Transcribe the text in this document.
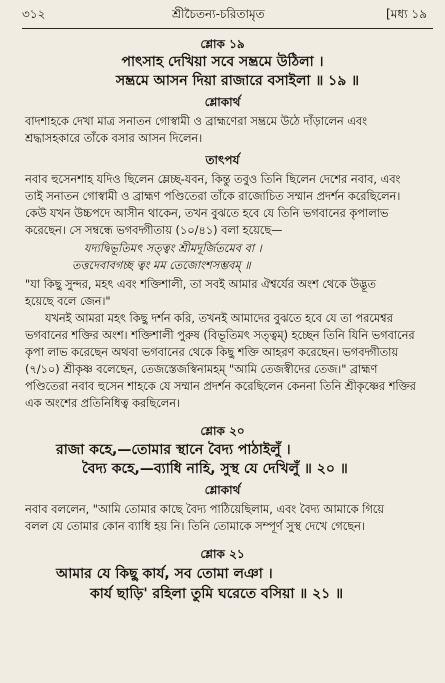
৩১২	শ্রীচৈতন্য-চরিতামৃত	[মধ্য ১৯
শ্লোক ১৯
পাৎসাহ দেখিয়া সবে সম্ভ্রমে উঠিলা ।
সম্ভ্রমে আসন দিয়া রাজারে বসাইলা ॥ ১৯ ॥
শ্লোকার্থ
বাদশাহকে দেখা মাত্র সনাতন গোস্বামী ও ব্রাহ্মণেরা সম্ভ্রমে উঠে দাঁড়ালেন এবং
শ্রদ্ধাসহকারে তাঁকে বসার আসন দিলেন।
তাৎপর্য
নবাব হুসেনশাহ যদিও ছিলেন ম্লেচ্ছ-যবন, কিন্তু তবুও তিনি ছিলেন দেশের নবাব, এবং
তাই সনাতন গোস্বামী ও ব্রাহ্মণ পণ্ডিতেরা তাঁকে রাজোচিত সম্মান প্রদর্শন করেছিলেন।
কেউ যখন উচ্চপদে আসীন থাকেন, তখন বুঝতে হবে যে তিনি ভগবানের কৃপালাভ
করেছেন। সে সম্বন্ধে ভগবদ্গীতায় (১০/৪১) বলা হয়েছে—
যদ্যদ্বিভূতিমৎ সত্ত্বং শ্রীমদূর্জিতমেব বা ।
তত্তদেবাবগচ্ছ ত্বং মম তেজোংশসম্ভবম্ ॥
"যা কিছু সুন্দর, মহৎ এবং শক্তিশালী, তা সবই আমার ঐশ্বর্যের অংশ থেকে উদ্ভূত
হয়েছে বলে জেন।"
যখনই আমরা মহৎ কিছু দর্শন করি, তখনই আমাদের বুঝতে হবে যে তা পরমেশ্বর
ভগবানের শক্তির অংশ। শক্তিশালী পুরুষ (বিভূতিমৎ সত্ত্বম্) হচ্ছেন তিনি যিনি ভগবানের
কৃপা লাভ করেছেন অথবা ভগবানের থেকে কিছু শক্তি আহরণ করেছেন। ভগবদ্গীতায়
(৭/১০) শ্রীকৃষ্ণ বলেছেন, তেজস্তেজস্বিনামহম্ "আমি তেজস্বীদের তেজ।" ব্রাহ্মণ
পণ্ডিতেরা নবাব হুসেন শাহকে যে সম্মান প্রদর্শন করেছিলেন কেননা তিনি শ্রীকৃষ্ণের শক্তির
এক অংশের প্রতিনিধিত্ব করছিলেন।
শ্লোক ২০
রাজা কহে,—তোমার স্থানে বৈদ্য পাঠাইলুঁ ।
বৈদ্য কহে,—ব্যাধি নাহি, সুস্থ যে দেখিলুঁ ॥ ২০ ॥
শ্লোকার্থ
নবাব বললেন, "আমি তোমার কাছে বৈদ্য পাঠিয়েছিলাম, এবং বৈদ্য আমাকে গিয়ে
বলল যে তোমার কোন ব্যাধি হয় নি। তিনি তোমাকে সম্পূর্ণ সুস্থ দেখে গেছেন।
শ্লোক ২১
আমার যে কিছু কার্য, সব তোমা লঞা ।
কার্য ছাড়ি' রহিলা তুমি ঘরেতে বসিয়া ॥ ২১ ॥
